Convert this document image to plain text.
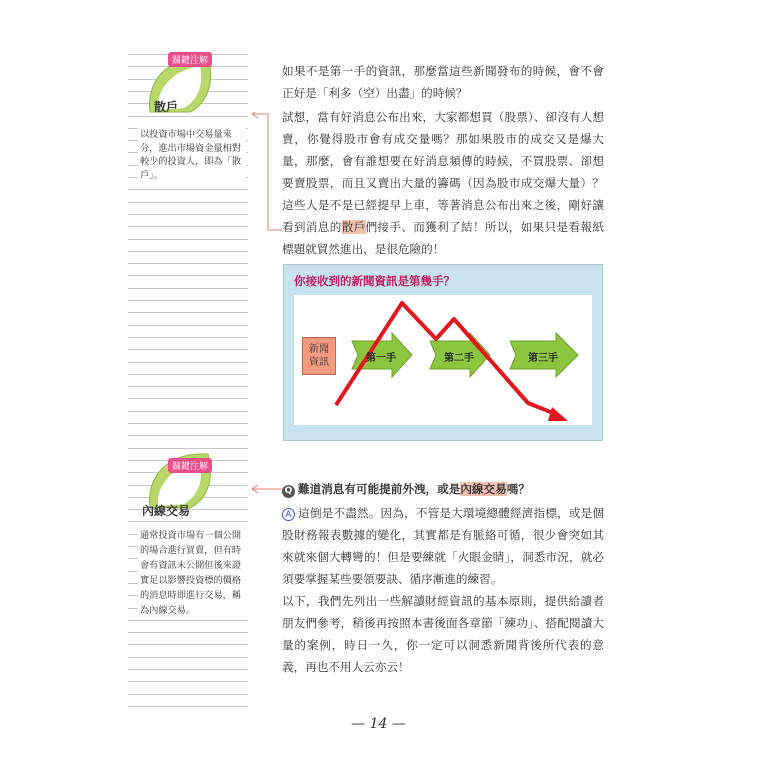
關鍵注解
散戶
以投資市場中交易量來分，進出市場資金量相對較少的投資人，即為「散戶」。
關鍵注解
內線交易
通常投資市場有一個公開的場合進行買賣，但有時會有資訊未公開但後來證實足以影響投資標的價格的消息時即進行交易，稱為內線交易。
如果不是第一手的資訊，那麼當這些新聞發布的時候，會不會正好是「利多（空）出盡」的時候？
試想，當有好消息公布出來，大家都想買（股票）、卻沒有人想賣，你覺得股市會有成交量嗎？那如果股市的成交又是爆大量，那麼，會有誰想要在好消息頻傳的時候，不買股票、卻想要賣股票，而且又賣出大量的籌碼（因為股市成交爆大量）？這些人是不是已經提早上車，等著消息公布出來之後，剛好讓看到消息的散戶們接手、而獲利了結！所以，如果只是看報紙標題就貿然進出，是很危險的！
你接收到的新聞資訊是第幾手？
新聞
資訊	第一手	第二手	第三手
Q 難道消息有可能提前外洩，或是內線交易嗎？
A 這倒是不盡然。因為，不管是大環境總體經濟指標，或是個股財務報表數據的變化，其實都是有脈絡可循，很少會突如其來就來個大轉彎的！但是要練就「火眼金睛」，洞悉市況，就必須要掌握某些要領要訣、循序漸進的練習。
以下，我們先列出一些解讀財經資訊的基本原則，提供給讀者朋友們參考，稍後再按照本書後面各章節「練功」、搭配閱讀大量的案例，時日一久，你一定可以洞悉新聞背後所代表的意義，再也不用人云亦云！
— 14 —
